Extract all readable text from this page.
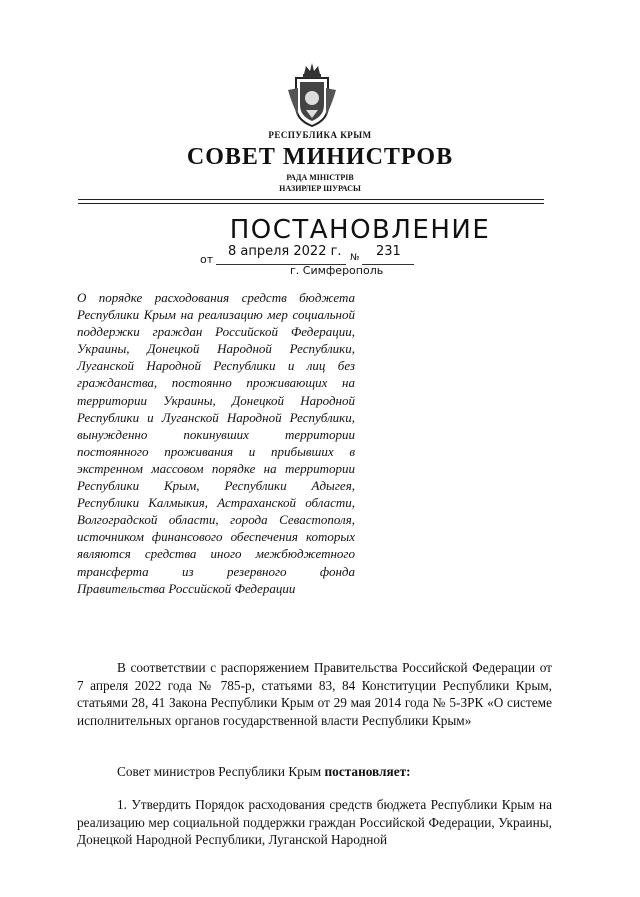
РЕСПУБЛИКА КРЫМ
СОВЕТ МИНИСТРОВ
РАДА МІНІСТРІВ
НАЗИРЛЕР ШУРАСЫ
ПОСТАНОВЛЕНИЕ
от
8 апреля 2022 г. № 231
г. Симферополь
О порядке расходования средств бюджета Республики Крым на реализацию мер социальной поддержки граждан Российской Федерации, Украины, Донецкой Народной Республики, Луганской Народной Республики и лиц без гражданства, постоянно проживающих на территории Украины, Донецкой Народной Республики и Луганской Народной Республики, вынужденно покинувших территории постоянного проживания и прибывших в экстренном массовом порядке на территории Республики Крым, Республики Адыгея, Республики Калмыкия, Астраханской области, Волгоградской области, города Севастополя, источником финансового обеспечения которых являются средства иного межбюджетного трансферта из резервного фонда Правительства Российской Федерации
В соответствии с распоряжением Правительства Российской Федерации от 7 апреля 2022 года № 785-р, статьями 83, 84 Конституции Республики Крым, статьями 28, 41 Закона Республики Крым от 29 мая 2014 года № 5-ЗРК «О системе исполнительных органов государственной власти Республики Крым»
Совет министров Республики Крым постановляет:
1. Утвердить Порядок расходования средств бюджета Республики Крым на реализацию мер социальной поддержки граждан Российской Федерации, Украины, Донецкой Народной Республики, Луганской Народной
